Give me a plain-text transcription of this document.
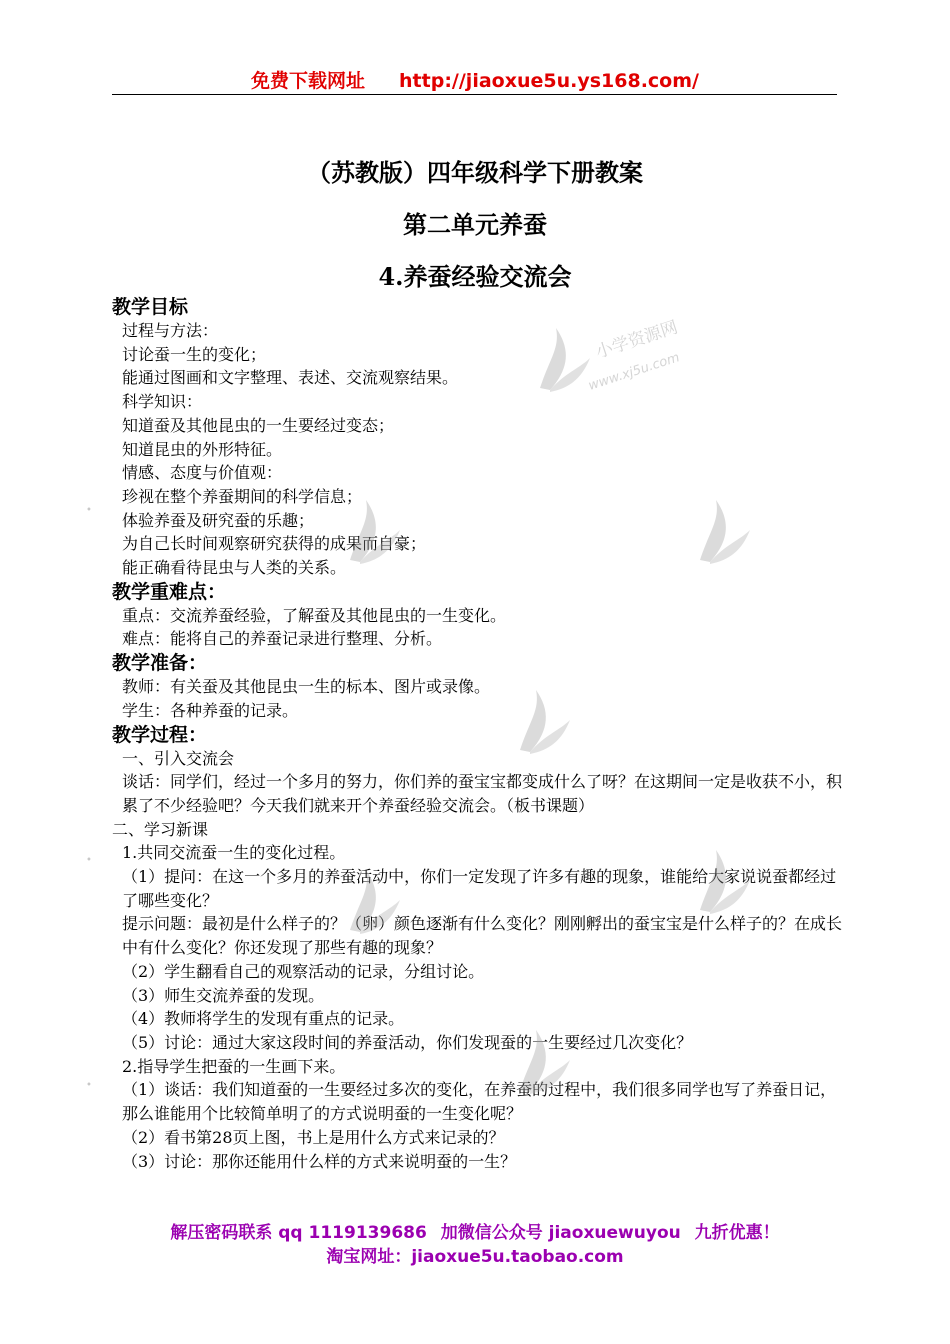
免费下载网址 http://jiaoxue5u.ys168.com/
（苏教版）四年级科学下册教案
第二单元养蚕
4.养蚕经验交流会
教学目标
过程与方法：
讨论蚕一生的变化；
能通过图画和文字整理、表述、交流观察结果。
科学知识：
知道蚕及其他昆虫的一生要经过变态；
知道昆虫的外形特征。
情感、态度与价值观：
珍视在整个养蚕期间的科学信息；
体验养蚕及研究蚕的乐趣；
为自己长时间观察研究获得的成果而自豪；
能正确看待昆虫与人类的关系。
教学重难点：
重点：交流养蚕经验，了解蚕及其他昆虫的一生变化。
难点：能将自己的养蚕记录进行整理、分析。
教学准备：
教师：有关蚕及其他昆虫一生的标本、图片或录像。
学生：各种养蚕的记录。
教学过程：
一、引入交流会
谈话：同学们，经过一个多月的努力，你们养的蚕宝宝都变成什么了呀？在这期间一定是收获不小，积累了不少经验吧？今天我们就来开个养蚕经验交流会。（板书课题）
二、学习新课
1.共同交流蚕一生的变化过程。
（1）提问：在这一个多月的养蚕活动中，你们一定发现了许多有趣的现象，谁能给大家说说蚕都经过了哪些变化？
提示问题：最初是什么样子的？（卵）颜色逐渐有什么变化？刚刚孵出的蚕宝宝是什么样子的？在成长中有什么变化？你还发现了那些有趣的现象？
（2）学生翻看自己的观察活动的记录，分组讨论。
（3）师生交流养蚕的发现。
（4）教师将学生的发现有重点的记录。
（5）讨论：通过大家这段时间的养蚕活动，你们发现蚕的一生要经过几次变化？
2.指导学生把蚕的一生画下来。
（1）谈话：我们知道蚕的一生要经过多次的变化，在养蚕的过程中，我们很多同学也写了养蚕日记，那么谁能用个比较简单明了的方式说明蚕的一生变化呢？
（2）看书第28页上图，书上是用什么方式来记录的？
（3）讨论：那你还能用什么样的方式来说明蚕的一生？
解压密码联系 qq 1119139686 加微信公众号 jiaoxuewuyou 九折优惠！
淘宝网址：jiaoxue5u.taobao.com
小学资源网
www.xj5u.com
•
•
•
